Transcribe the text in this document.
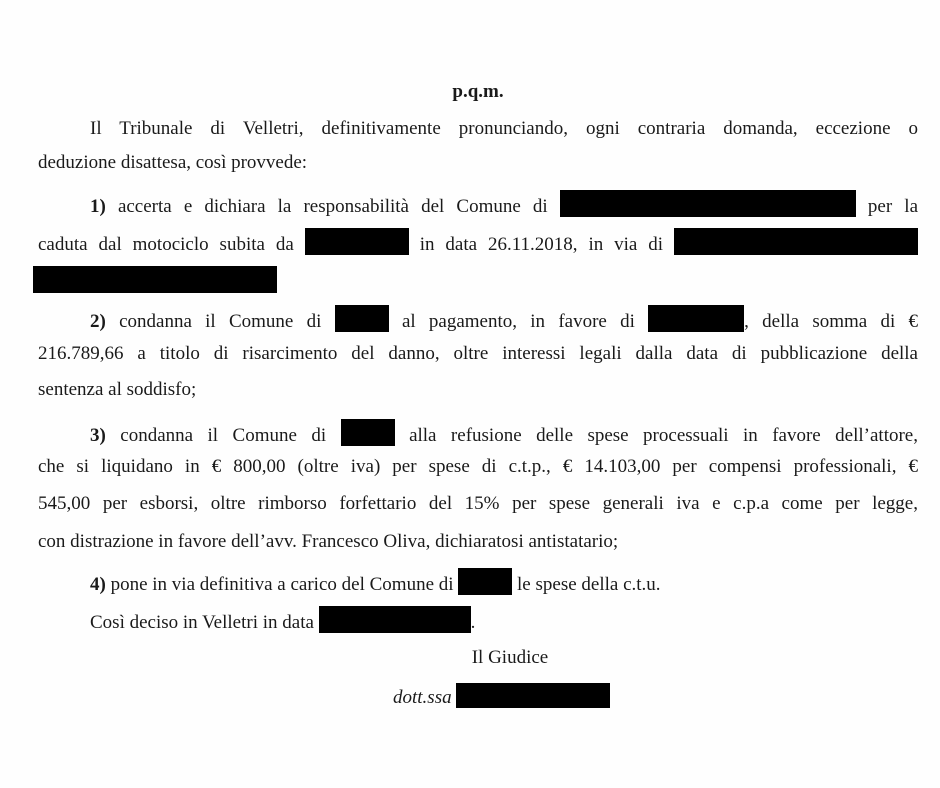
p.q.m.

Il Tribunale di Velletri, definitivamente pronunciando, ogni contraria domanda, eccezione o

deduzione disattesa, così provvede:

1) accerta e dichiara la responsabilità del Comune di	per la

caduta dal motociclo subita da	in data 26.11.2018, in via di

2) condanna il Comune di	al pagamento, in favore di	, della somma di €

216.789,66 a titolo di risarcimento del danno, oltre interessi legali dalla data di pubblicazione della

sentenza al soddisfo;

3) condanna il Comune di	alla refusione delle spese processuali in favore dell’attore,

che si liquidano in € 800,00 (oltre iva) per spese di c.t.p., € 14.103,00 per compensi professionali, €

545,00 per esborsi, oltre rimborso forfettario del 15% per spese generali iva e c.p.a come per legge,

con distrazione in favore dell’avv. Francesco Oliva, dichiaratosi antistatario;

4) pone in via definitiva a carico del Comune di	le spese della c.t.u.

Così deciso in Velletri in data	.

Il Giudice
dott.ssa
